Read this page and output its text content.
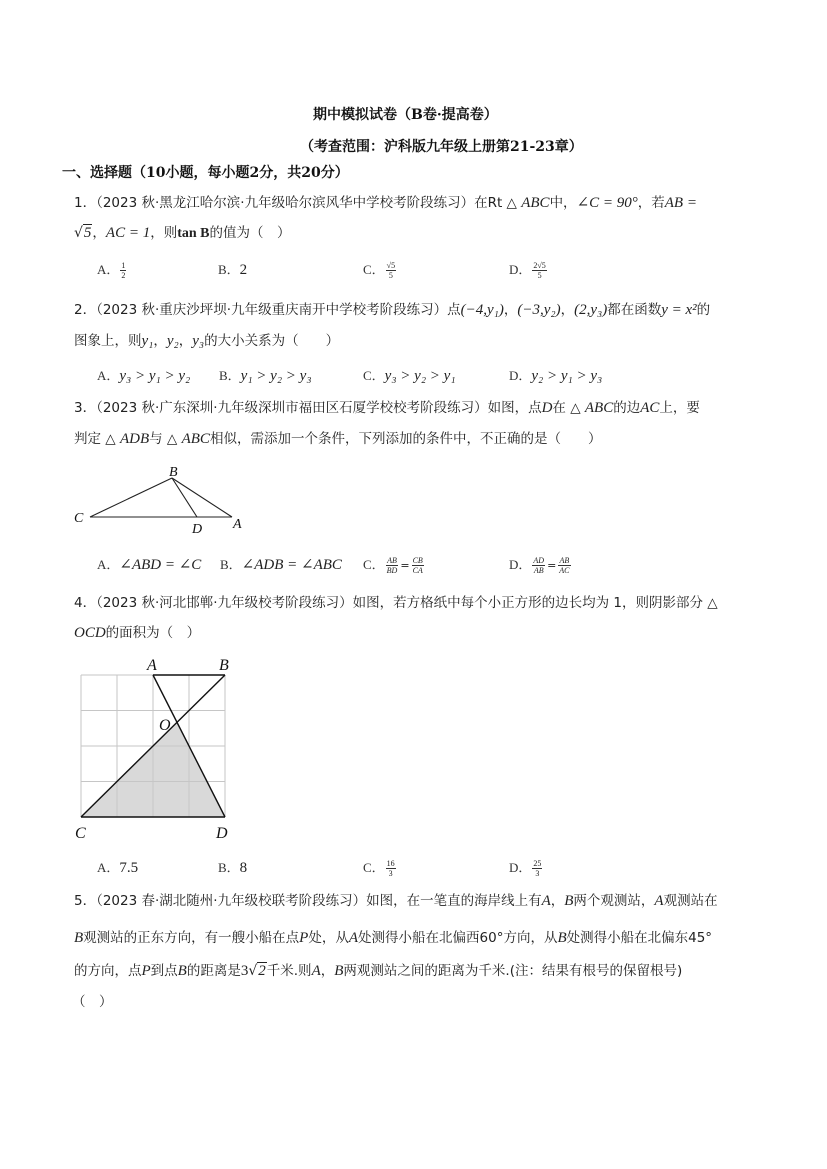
期中模拟试卷（B卷·提高卷）
（考查范围：沪科版九年级上册第21-23章）
一、选择题（10小题，每小题2分，共20分）
1．（2023 秋·黑龙江哈尔滨·九年级哈尔滨风华中学校考阶段练习）在Rt △ ABC中，∠C = 90°，若AB =
√5，AC = 1，则tan B的值为（　）
A． $\frac{1}{2}$	B．2	C． $\frac{√5}{5}$	D． $\frac{2√5}{5}$
2．（2023 秋·重庆沙坪坝·九年级重庆南开中学校考阶段练习）点(−4,y₁)，(−3,y₂)，(2,y₃)都在函数y = x²的
图象上，则y₁，y₂，y₃的大小关系为（　　）
A．y₃ > y₁ > y₂ B．y₁ > y₂ > y₃	C．y₃ > y₂ > y₁	D．y₂ > y₁ > y₃
3．（2023 秋·广东深圳·九年级深圳市福田区石厦学校校考阶段练习）如图，点D在 △ ABC的边AC上，要
判定 △ ADB与 △ ABC相似，需添加一个条件，下列添加的条件中，不正确的是（　　）
B
C
D A
A．∠ABD = ∠C B．∠ADB = ∠ABC C． $\frac{AB}{BD} = \frac{CB}{CA}$	D． $\frac{AD}{AB} = \frac{AB}{AC}$
4．（2023 秋·河北邯郸·九年级校考阶段练习）如图，若方格纸中每个小正方形的边长均为 1，则阴影部分 △
OCD的面积为（　）
A	B
O
C	D
A．7.5	B．8	C． $\frac{16}{3}$	D． $\frac{25}{3}$
5．（2023 春·湖北随州·九年级校联考阶段练习）如图，在一笔直的海岸线上有A，B两个观测站，A观测站在
B观测站的正东方向，有一艘小船在点P处，从A处测得小船在北偏西60°方向，从B处测得小船在北偏东45°
的方向，点P到点B的距离是3√2千米.则A，B两观测站之间的距离为千米.(注：结果有根号的保留根号)
（　）
